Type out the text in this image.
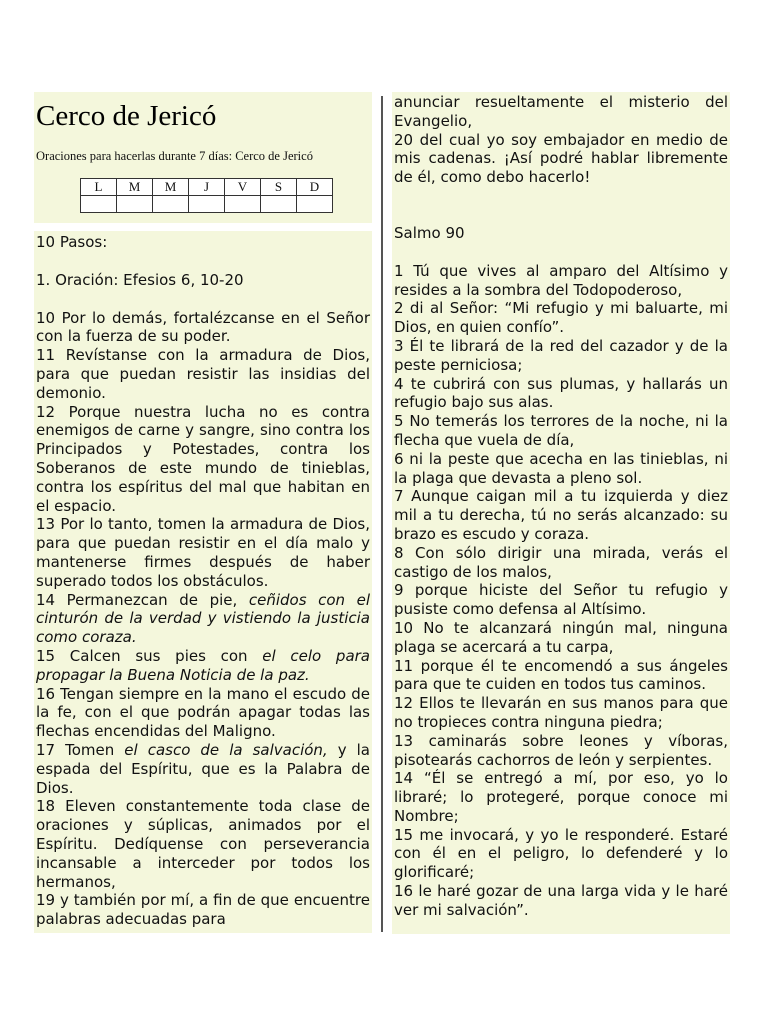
Cerco de Jericó
Oraciones para hacerlas durante 7 días: Cerco de Jericó
L	M	M	J	V	S	D

10 Pasos:

1. Oración: Efesios 6, 10-20

10 Por lo demás, fortalézcanse en el Señor con la fuerza de su poder.

11 Revístanse con la armadura de Dios, para que puedan resistir las insidias del demonio.

12 Porque nuestra lucha no es contra enemigos de carne y sangre, sino contra los Principados y Potestades, contra los Soberanos de este mundo de tinieblas, contra los espíritus del mal que habitan en el espacio.

13 Por lo tanto, tomen la armadura de Dios, para que puedan resistir en el día malo y mantenerse firmes después de haber superado todos los obstáculos.

14 Permanezcan de pie, ceñidos con el cinturón de la verdad y vistiendo la justicia como coraza.

15 Calcen sus pies con el celo para propagar la Buena Noticia de la paz.

16 Tengan siempre en la mano el escudo de la fe, con el que podrán apagar todas las flechas encendidas del Maligno.

17 Tomen el casco de la salvación, y la espada del Espíritu, que es la Palabra de Dios.

18 Eleven constantemente toda clase de oraciones y súplicas, animados por el Espíritu. Dedíquense con perseverancia incansable a interceder por todos los hermanos,

19 y también por mí, a fin de que encuentre palabras adecuadas para

anunciar resueltamente el misterio del Evangelio,

20 del cual yo soy embajador en medio de mis cadenas. ¡Así podré hablar libremente de él, como debo hacerlo!

Salmo 90

1 Tú que vives al amparo del Altísimo y resides a la sombra del Todopoderoso,

2 di al Señor: “Mi refugio y mi baluarte, mi Dios, en quien confío”.

3 Él te librará de la red del cazador y de la peste perniciosa;

4 te cubrirá con sus plumas, y hallarás un refugio bajo sus alas.

5 No temerás los terrores de la noche, ni la flecha que vuela de día,

6 ni la peste que acecha en las tinieblas, ni la plaga que devasta a pleno sol.

7 Aunque caigan mil a tu izquierda y diez mil a tu derecha, tú no serás alcanzado: su brazo es escudo y coraza.

8 Con sólo dirigir una mirada, verás el castigo de los malos,

9 porque hiciste del Señor tu refugio y pusiste como defensa al Altísimo.

10 No te alcanzará ningún mal, ninguna plaga se acercará a tu carpa,

11 porque él te encomendó a sus ángeles para que te cuiden en todos tus caminos.

12 Ellos te llevarán en sus manos para que no tropieces contra ninguna piedra;

13 caminarás sobre leones y víboras, pisotearás cachorros de león y serpientes.

14 “Él se entregó a mí, por eso, yo lo libraré; lo protegeré, porque conoce mi Nombre;

15 me invocará, y yo le responderé. Estaré con él en el peligro, lo defenderé y lo glorificaré;

16 le haré gozar de una larga vida y le haré ver mi salvación”.
